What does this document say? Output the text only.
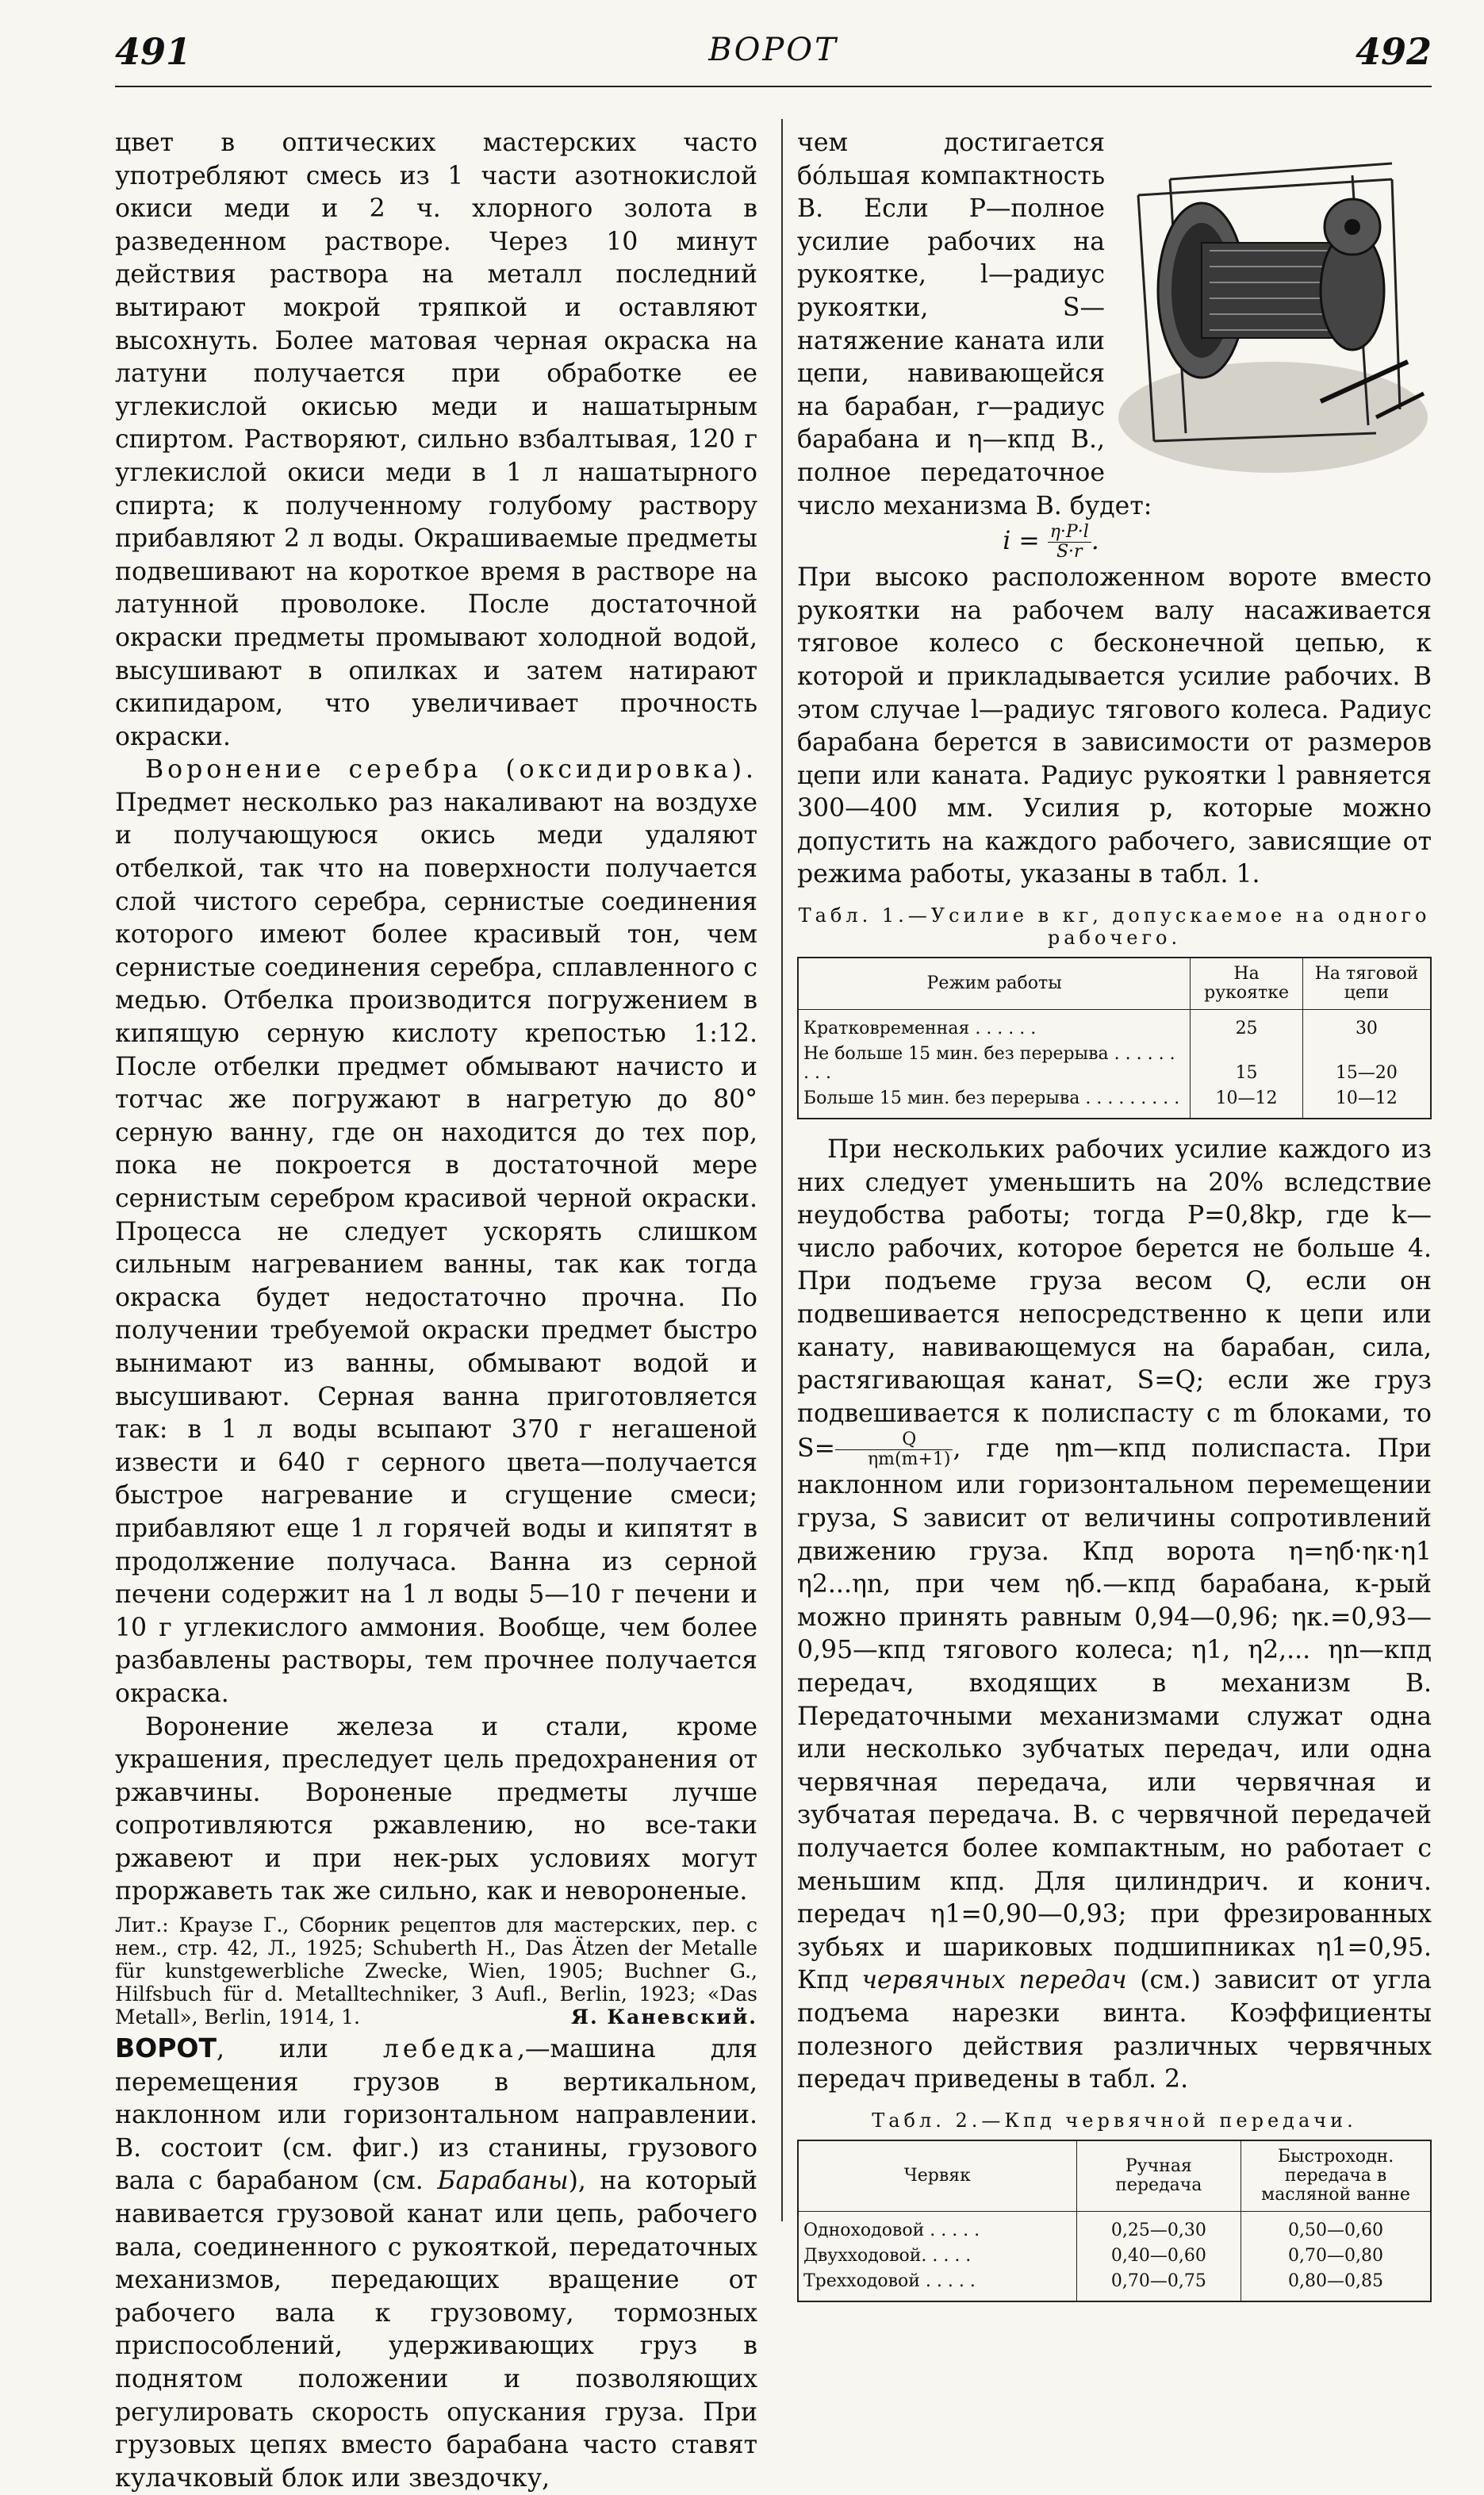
491	ВОРОТ	492

цвет в оптических мастерских часто употребляют смесь из 1 части азотнокислой окиси меди и 2 ч. хлорного золота в разведенном растворе. Через 10 минут действия раствора на металл последний вытирают мокрой тряпкой и оставляют высохнуть. Более матовая черная окраска на латуни получается при обработке ее углекислой окисью меди и нашатырным спиртом. Растворяют, сильно взбалтывая, 120 г углекислой окиси меди в 1 л нашатырного спирта; к полученному голубому раствору прибавляют 2 л воды. Окрашиваемые предметы подвешивают на короткое время в растворе на латунной проволоке. После достаточной окраски предметы промывают холодной водой, высушивают в опилках и затем натирают скипидаром, что увеличивает прочность окраски.

Воронение серебра (оксидировка). Предмет несколько раз накаливают на воздухе и получающуюся окись меди удаляют отбелкой, так что на поверхности получается слой чистого серебра, сернистые соединения которого имеют более красивый тон, чем сернистые соединения серебра, сплавленного с медью. Отбелка производится погружением в кипящую серную кислоту крепостью 1:12. После отбелки предмет обмывают начисто и тотчас же погружают в нагретую до 80° серную ванну, где он находится до тех пор, пока не покроется в достаточной мере сернистым серебром красивой черной окраски. Процесса не следует ускорять слишком сильным нагреванием ванны, так как тогда окраска будет недостаточно прочна. По получении требуемой окраски предмет быстро вынимают из ванны, обмывают водой и высушивают. Серная ванна приготовляется так: в 1 л воды всыпают 370 г негашеной извести и 640 г серного цвета—получается быстрое нагревание и сгущение смеси; прибавляют еще 1 л горячей воды и кипятят в продолжение получаса. Ванна из серной печени содержит на 1 л воды 5—10 г печени и 10 г углекислого аммония. Вообще, чем более разбавлены растворы, тем прочнее получается окраска.

Воронение железа и стали, кроме украшения, преследует цель предохранения от ржавчины. Вороненые предметы лучше сопротивляются ржавлению, но все-таки ржавеют и при нек-рых условиях могут проржаветь так же сильно, как и невороненые.

Лит.: Краузе Г., Сборник рецептов для мастерских, пер. с нем., стр. 42, Л., 1925; Schuberth H., Das Ätzen der Metalle für kunstgewerbliche Zwecke, Wien, 1905; Buchner G., Hilfsbuch für d. Metalltechniker, 3 Aufl., Berlin, 1923; «Das Metall», Berlin, 1914, 1.	Я. Каневский.

ВОРОТ, или лебедка,—машина для перемещения грузов в вертикальном, наклонном или горизонтальном направлении. В. состоит (см. фиг.) из станины, грузового вала с барабаном (см. Барабаны), на который навивается грузовой канат или цепь, рабочего вала, соединенного с рукояткой, передаточных механизмов, передающих вращение от рабочего вала к грузовому, тормозных приспособлений, удерживающих груз в поднятом положении и позволяющих регулировать скорость опускания груза. При грузовых цепях вместо барабана часто ставят кулачковый блок или звездочку,

чем достигается бо́льшая компактность В. Если P—полное усилие рабочих на рукоятке, l—радиус рукоятки, S—натяжение каната или цепи, навивающейся на барабан, r—радиус барабана и η—кпд В., полное передаточное число механизма В. будет:

$i = \frac{\eta\cdot P\cdot l}{S\cdot r}$ .

При высоко расположенном вороте вместо рукоятки на рабочем валу насаживается тяговое колесо с бесконечной цепью, к которой и прикладывается усилие рабочих. В этом случае l—радиус тягового колеса. Радиус барабана берется в зависимости от размеров цепи или каната. Радиус рукоятки l равняется 300—400 мм. Усилия p, которые можно допустить на каждого рабочего, зависящие от режима работы, указаны в табл. 1.

Табл. 1.—Усилие в кг, допускаемое на одного рабочего.

Режим работы	На рукоятке	На тяговой цепи
Кратковременная . . . . . .	25	30
Не больше 15 мин. без перерыва . . . . . . . . .	15	15—20
Больше 15 мин. без перерыва . . . . . . . . .	10—12	10—12

При нескольких рабочих усилие каждого из них следует уменьшить на 20% вследствие неудобства работы; тогда P=0,8kp, где k—число рабочих, которое берется не больше 4. При подъеме груза весом Q, если он подвешивается непосредственно к цепи или канату, навивающемуся на барабан, сила, растягивающая канат, S=Q; если же груз подвешивается к полиспасту с m блоками, то $S= \frac{Q}{\eta m(m+1)}$ , где ηm—кпд полиспаста. При наклонном или горизонтальном перемещении груза, S зависит от величины сопротивлений движению груза. Кпд ворота η=ηб·ηк·η1 η2...ηn, при чем ηб.—кпд барабана, к-рый можно принять равным 0,94—0,96; ηк.=0,93—0,95—кпд тягового колеса; η1, η2,... ηn—кпд передач, входящих в механизм В. Передаточными механизмами служат одна или несколько зубчатых передач, или одна червячная передача, или червячная и зубчатая передача. В. с червячной передачей получается более компактным, но работает с меньшим кпд. Для цилиндрич. и конич. передач η1=0,90—0,93; при фрезированных зубьях и шариковых подшипниках η1=0,95. Кпд червячных передач (см.) зависит от угла подъема нарезки винта. Коэффициенты полезного действия различных червячных передач приведены в табл. 2.

Табл. 2.—Кпд червячной передачи.

Червяк	Ручная передача	Быстроходн. передача в масляной ванне
Одноходовой . . . . .	0,25—0,30	0,50—0,60
Двухходовой. . . . .	0,40—0,60	0,70—0,80
Трехходовой . . . . .	0,70—0,75	0,80—0,85
